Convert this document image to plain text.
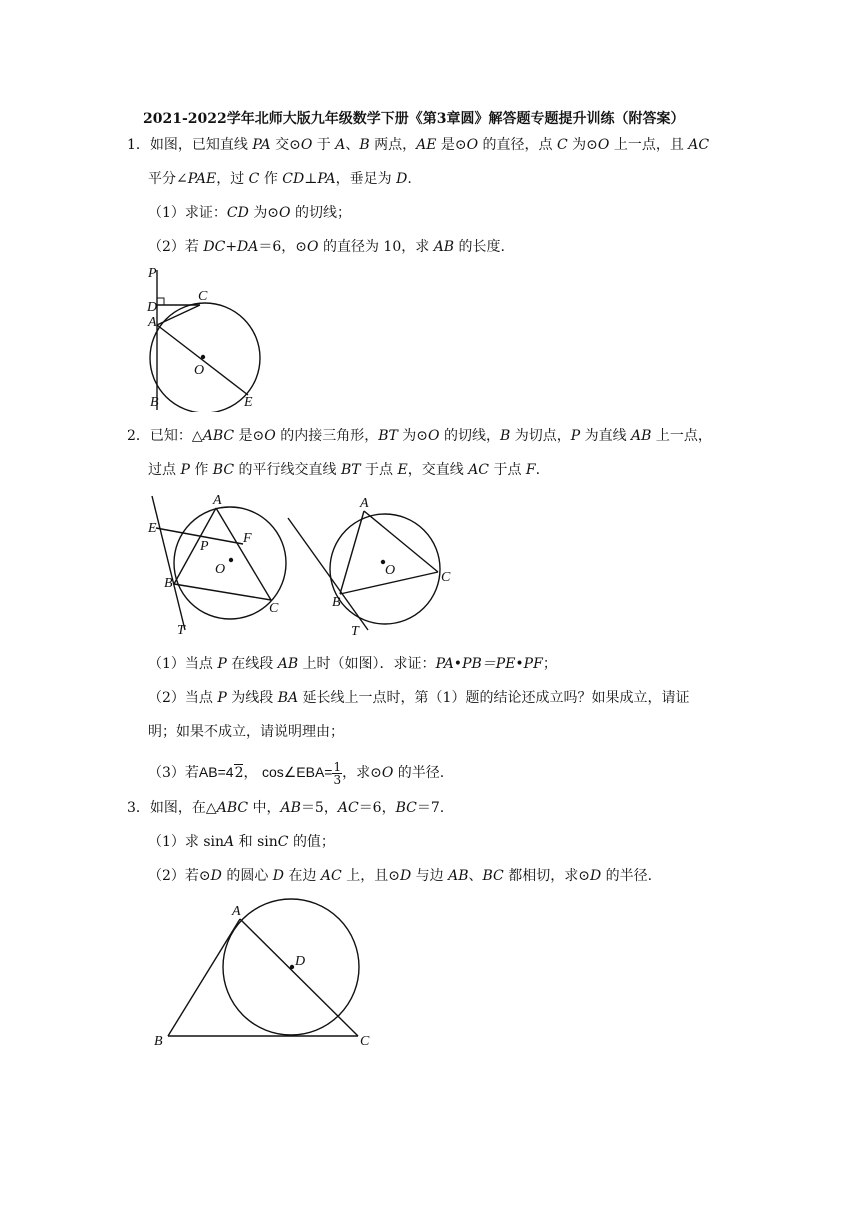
2021-2022学年北师大版九年级数学下册《第3章圆》解答题专题提升训练（附答案）
1．如图，已知直线 PA 交⊙O 于 A、B 两点，AE 是⊙O 的直径，点 C 为⊙O 上一点，且 AC
平分∠PAE，过 C 作 CD⊥PA，垂足为 D.
（1）求证：CD 为⊙O 的切线；
（2）若 DC+DA＝6，⊙O 的直径为 10，求 AB 的长度.
P
D
C
A
O
B	E
2．已知：△ABC 是⊙O 的内接三角形，BT 为⊙O 的切线，B 为切点，P 为直线 AB 上一点，
过点 P 作 BC 的平行线交直线 BT 于点 E，交直线 AC 于点 F.
E
A
P
F
O
B
C
T
A
O	C
B
T
（1）当点 P 在线段 AB 上时（如图）．求证：PA•PB＝PE•PF；
（2）当点 P 为线段 BA 延长线上一点时，第（1）题的结论还成立吗？如果成立，请证
明；如果不成立，请说明理由；
（3）若AB=42， cos∠EBA= $\frac{1}{3}$ ，求⊙O 的半径.
3．如图，在△ABC 中，AB＝5，AC＝6，BC＝7.
（1）求 sinA 和 sinC 的值；
（2）若⊙D 的圆心 D 在边 AC 上，且⊙D 与边 AB、BC 都相切，求⊙D 的半径.
A
D
B	C
